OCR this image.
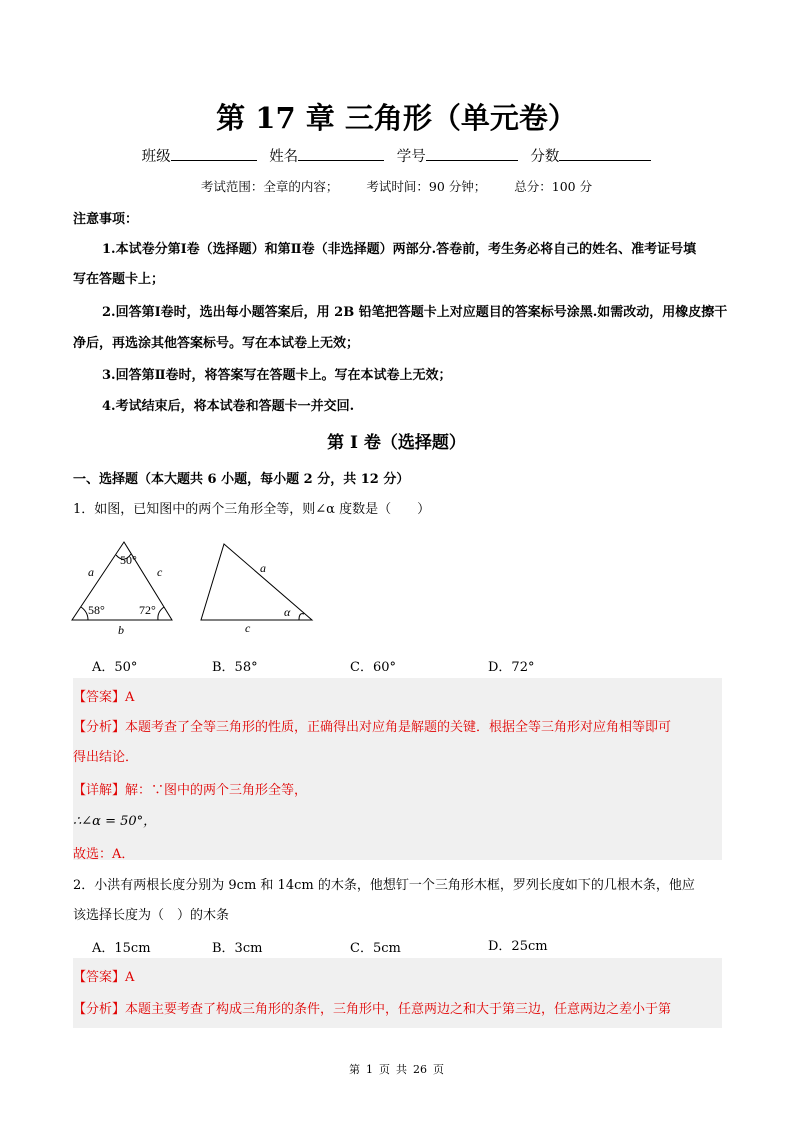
第 17 章 三角形（单元卷）
班级	姓名	学号	分数
考试范围：全章的内容； 考试时间：90 分钟； 总分：100 分
注意事项：
1.本试卷分第Ⅰ卷（选择题）和第Ⅱ卷（非选择题）两部分.答卷前，考生务必将自己的姓名、准考证号填
写在答题卡上；
2.回答第Ⅰ卷时，选出每小题答案后，用 2B 铅笔把答题卡上对应题目的答案标号涂黑.如需改动，用橡皮擦干
净后，再选涂其他答案标号。写在本试卷上无效；
3.回答第Ⅱ卷时，将答案写在答题卡上。写在本试卷上无效；
4.考试结束后，将本试卷和答题卡一并交回.
第 I 卷（选择题）
一、选择题（本大题共 6 小题，每小题 2 分，共 12 分）
1．如图，已知图中的两个三角形全等，则∠α 度数是（　　）
50°
a	c
58°	72°
b
a
α
c
A．50°	B．58°	C．60°	D．72°
【答案】A
【分析】本题考查了全等三角形的性质，正确得出对应角是解题的关键．根据全等三角形对应角相等即可
得出结论．
【详解】解：∵图中的两个三角形全等，
∴∠α = 50°，
故选：A．
2．小洪有两根长度分别为 9cm 和 14cm 的木条，他想钉一个三角形木框，罗列长度如下的几根木条，他应
该选择长度为（　）的木条
A．15cm	B．3cm	C．5cm	D．25cm
【答案】A
【分析】本题主要考查了构成三角形的条件，三角形中，任意两边之和大于第三边，任意两边之差小于第
第 1 页 共 26 页
